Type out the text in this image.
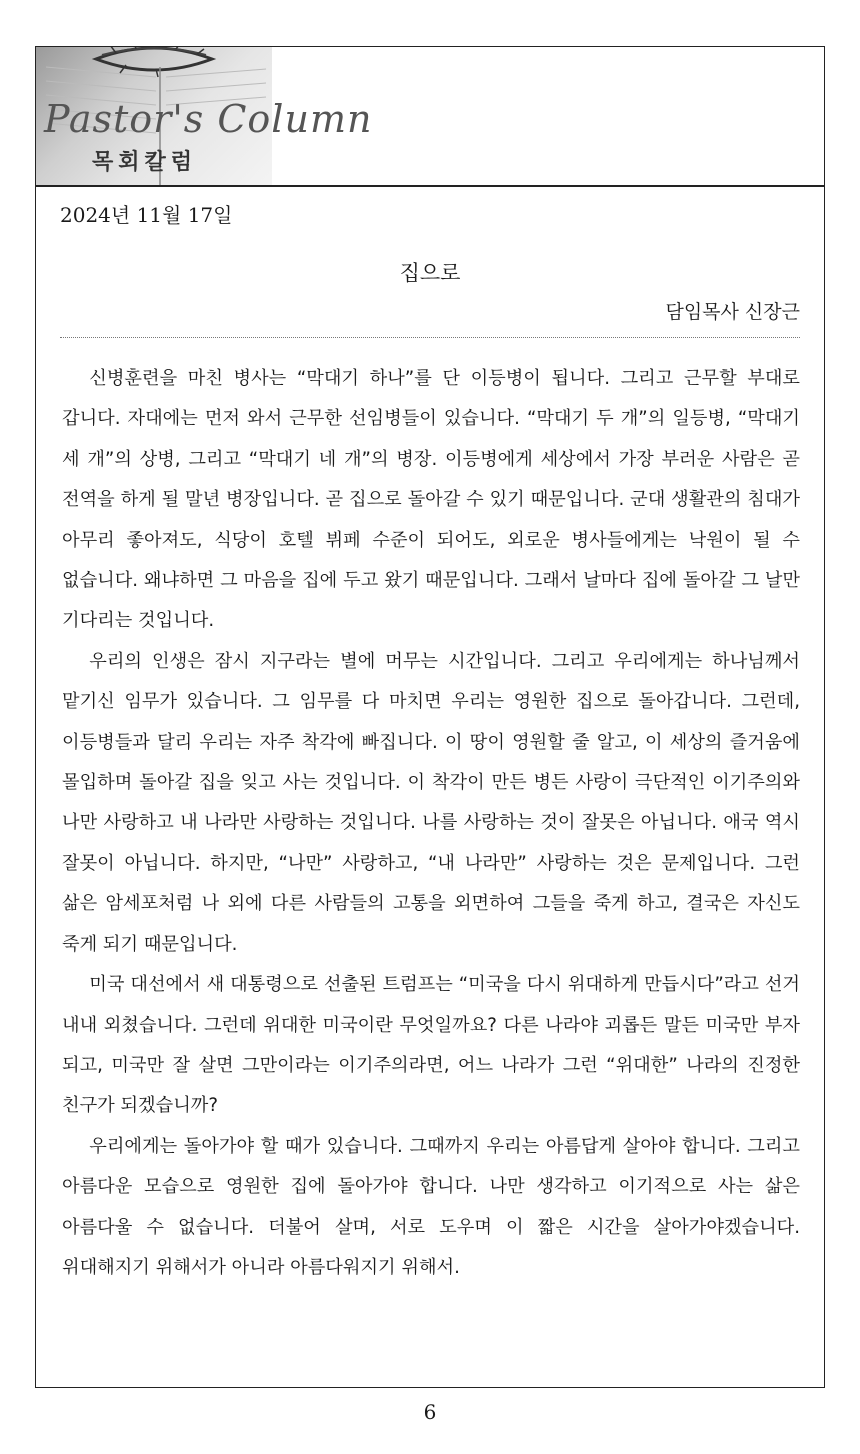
Pastor's Column
목회칼럼
2024년 11월 17일
집으로
담임목사 신장근

신병훈련을 마친 병사는 “막대기 하나”를 단 이등병이 됩니다. 그리고 근무할 부대로 갑니다. 자대에는 먼저 와서 근무한 선임병들이 있습니다. “막대기 두 개”의 일등병, “막대기 세 개”의 상병, 그리고 “막대기 네 개”의 병장. 이등병에게 세상에서 가장 부러운 사람은 곧 전역을 하게 될 말년 병장입니다. 곧 집으로 돌아갈 수 있기 때문입니다. 군대 생활관의 침대가 아무리 좋아져도, 식당이 호텔 뷔페 수준이 되어도, 외로운 병사들에게는 낙원이 될 수 없습니다. 왜냐하면 그 마음을 집에 두고 왔기 때문입니다. 그래서 날마다 집에 돌아갈 그 날만 기다리는 것입니다.

우리의 인생은 잠시 지구라는 별에 머무는 시간입니다. 그리고 우리에게는 하나님께서 맡기신 임무가 있습니다. 그 임무를 다 마치면 우리는 영원한 집으로 돌아갑니다. 그런데, 이등병들과 달리 우리는 자주 착각에 빠집니다. 이 땅이 영원할 줄 알고, 이 세상의 즐거움에 몰입하며 돌아갈 집을 잊고 사는 것입니다. 이 착각이 만든 병든 사랑이 극단적인 이기주의와 나만 사랑하고 내 나라만 사랑하는 것입니다. 나를 사랑하는 것이 잘못은 아닙니다. 애국 역시 잘못이 아닙니다. 하지만, “나만” 사랑하고, “내 나라만” 사랑하는 것은 문제입니다. 그런 삶은 암세포처럼 나 외에 다른 사람들의 고통을 외면하여 그들을 죽게 하고, 결국은 자신도 죽게 되기 때문입니다.

미국 대선에서 새 대통령으로 선출된 트럼프는 “미국을 다시 위대하게 만듭시다”라고 선거 내내 외쳤습니다. 그런데 위대한 미국이란 무엇일까요? 다른 나라야 괴롭든 말든 미국만 부자 되고, 미국만 잘 살면 그만이라는 이기주의라면, 어느 나라가 그런 “위대한” 나라의 진정한 친구가 되겠습니까?

우리에게는 돌아가야 할 때가 있습니다. 그때까지 우리는 아름답게 살아야 합니다. 그리고 아름다운 모습으로 영원한 집에 돌아가야 합니다. 나만 생각하고 이기적으로 사는 삶은 아름다울 수 없습니다. 더불어 살며, 서로 도우며 이 짧은 시간을 살아가야겠습니다. 위대해지기 위해서가 아니라 아름다워지기 위해서.

6
